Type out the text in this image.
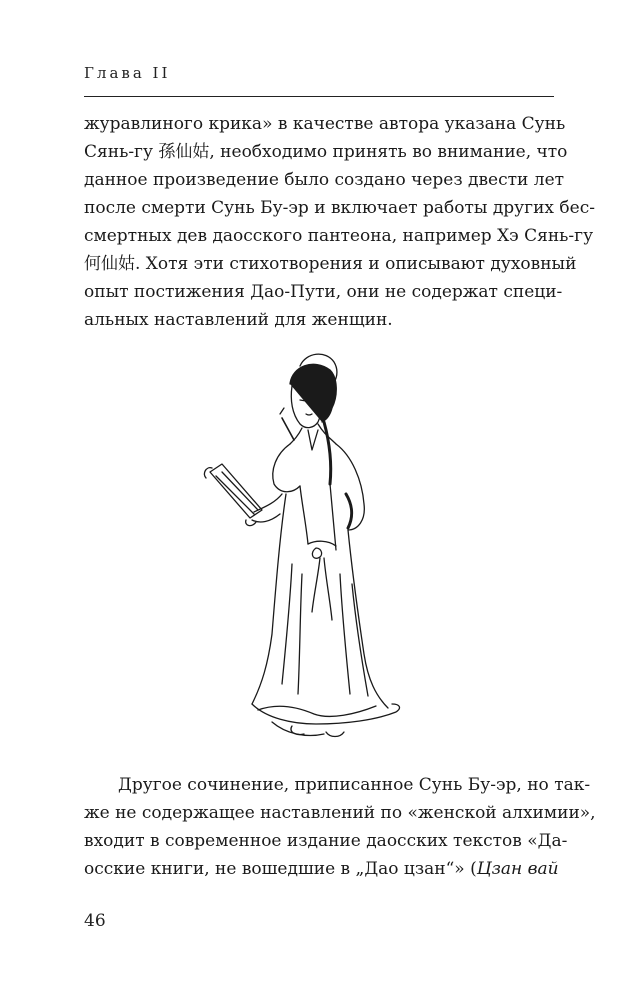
Глава II
журавлиного крика» в качестве автора указана Сунь
Сянь-гу 孫仙姑, необходимо принять во внимание, что
данное произведение было создано через двести лет
после смерти Сунь Бу-эр и включает работы других бес-
смертных дев даосского пантеона, например Хэ Сянь-гу
何仙姑. Хотя эти стихотворения и описывают духовный
опыт постижения Дао-Пути, они не содержат специ-
альных наставлений для женщин.
Другое сочинение, приписанное Сунь Бу-эр, но так-
же не содержащее наставлений по «женской алхимии»,
входит в современное издание даосских текстов «Да-
осские книги, не вошедшие в „Дао цзан“» (Цзан вай
46
